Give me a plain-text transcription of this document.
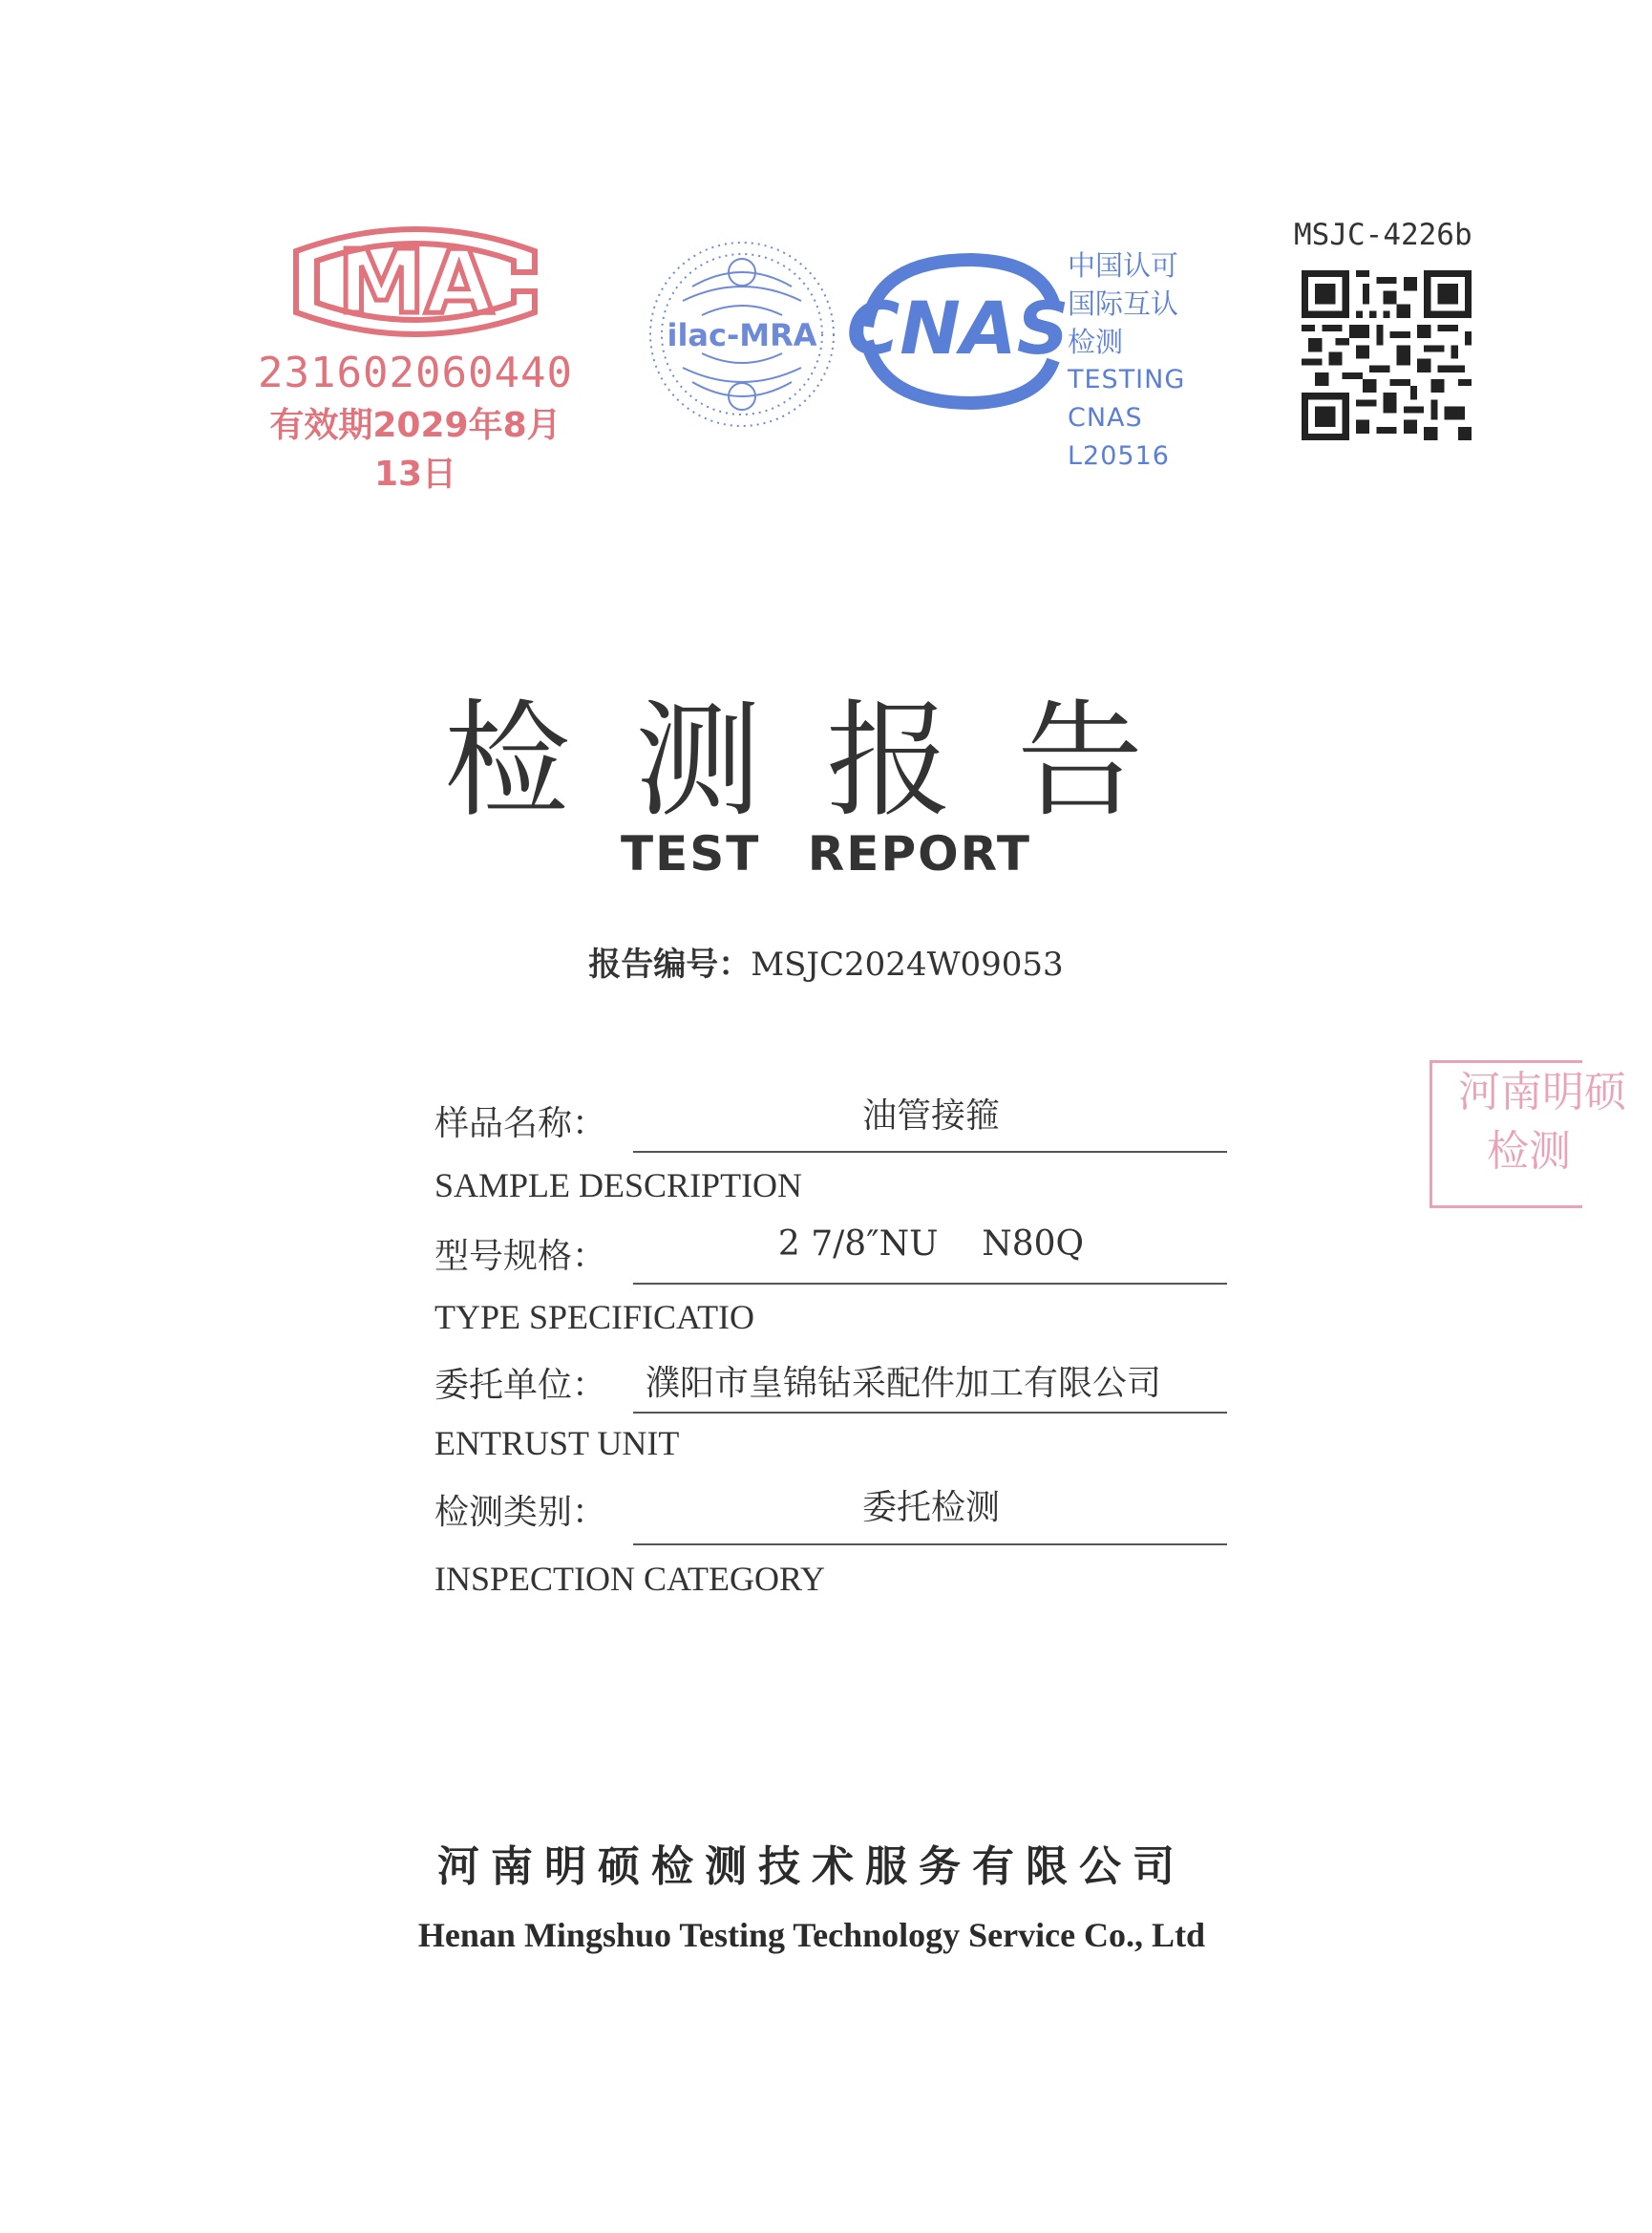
MA
231602060440
有效期2029年8月13日
ilac-MRA CNAS
中国认可
国际互认
检测
TESTING
CNAS L20516
MSJC-4226b
检测报告
TEST REPORT
报告编号：MSJC2024W09053
样品名称：	油管接箍
SAMPLE DESCRIPTION
型号规格：	2 7/8″NU    N80Q
TYPE SPECIFICATIO
委托单位： 濮阳市皇锦钻采配件加工有限公司
ENTRUST UNIT
检测类别：	委托检测
INSPECTION CATEGORY
河南明硕检测技术服务有限公司
Henan Mingshuo Testing Technology Service Co., Ltd
河南明硕
检测
